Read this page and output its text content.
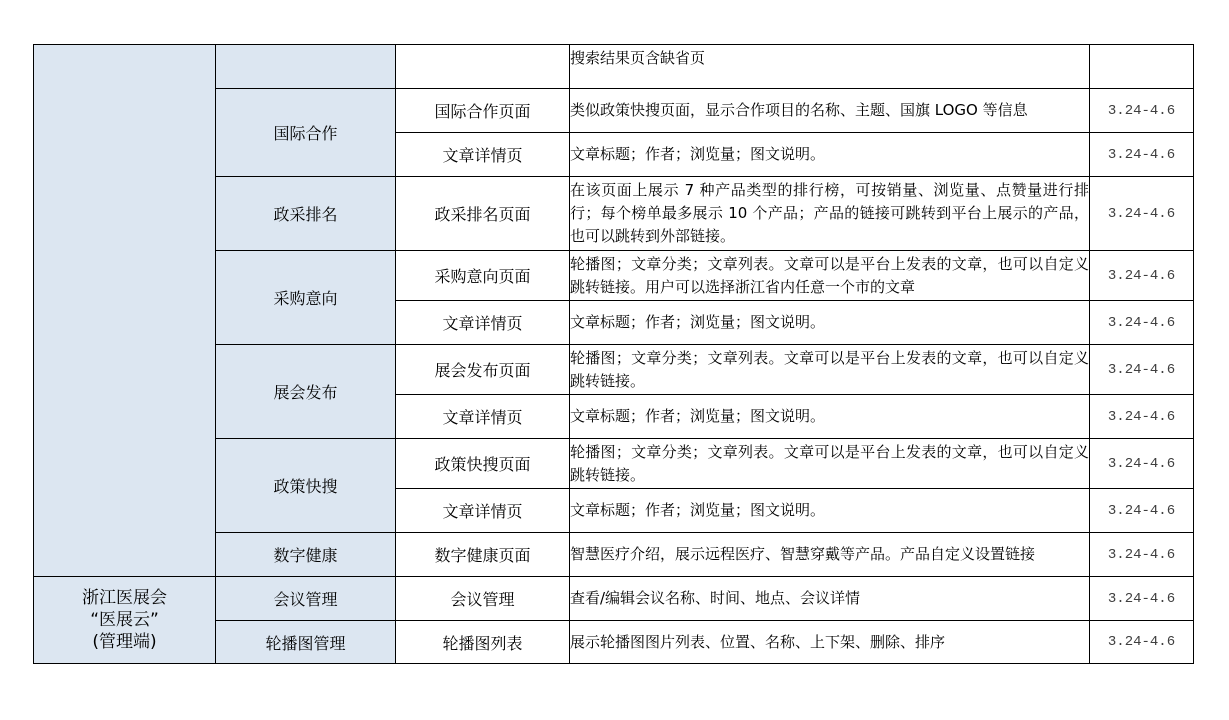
			搜索结果页含缺省页	
	国际合作	国际合作页面	类似政策快搜页面，显示合作项目的名称、主题、国旗 LOGO 等信息	3.24-4.6
		文章详情页	文章标题；作者；浏览量；图文说明。	3.24-4.6
	政采排名	政采排名页面	在该页面上展示 7 种产品类型的排行榜，可按销量、浏览量、点赞量进行排行；每个榜单最多展示 10 个产品；产品的链接可跳转到平台上展示的产品，也可以跳转到外部链接。	3.24-4.6
	采购意向	采购意向页面	轮播图；文章分类；文章列表。文章可以是平台上发表的文章，也可以自定义跳转链接。用户可以选择浙江省内任意一个市的文章	3.24-4.6
		文章详情页	文章标题；作者；浏览量；图文说明。	3.24-4.6
	展会发布	展会发布页面	轮播图；文章分类；文章列表。文章可以是平台上发表的文章，也可以自定义跳转链接。	3.24-4.6
		文章详情页	文章标题；作者；浏览量；图文说明。	3.24-4.6
	政策快搜	政策快搜页面	轮播图；文章分类；文章列表。文章可以是平台上发表的文章，也可以自定义跳转链接。	3.24-4.6
		文章详情页	文章标题；作者；浏览量；图文说明。	3.24-4.6
	数字健康	数字健康页面	智慧医疗介绍，展示远程医疗、智慧穿戴等产品。产品自定义设置链接	3.24-4.6

浙江医展会
“医展云”
(管理端)	会议管理	会议管理	查看/编辑会议名称、时间、地点、会议详情	3.24-4.6
	轮播图管理	轮播图列表	展示轮播图图片列表、位置、名称、上下架、删除、排序	3.24-4.6
